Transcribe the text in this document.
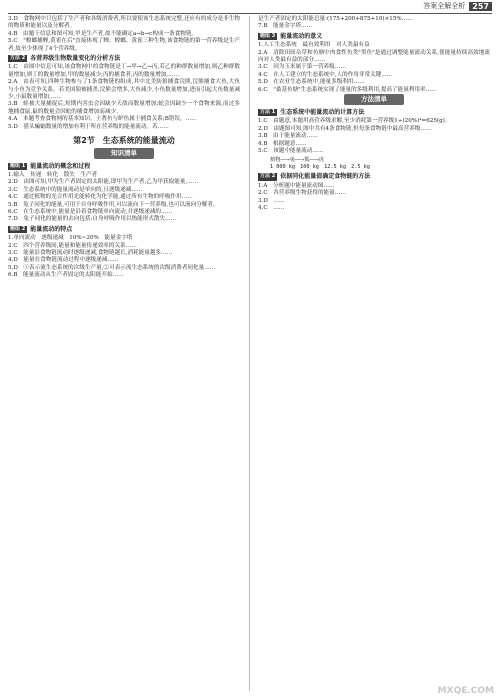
答案全解全析 257

3.D　食物网中只包括了生产者和各级消费者,所以要使该生态系统完整,还应有的成分是非生物的物质和能量以及分解者。

4.B　由题干信息和图可知,甲是生产者,故不能确定a→b→c构成一条食物链。

5.C　"螳螂捕蝉,黄雀在后"直接体现了蝉、螳螂、黄雀三种生物,该食物链的第一营养级是生产者,故至少体现了4个营养级。

方法 2 各营养级生物数量变化的分析方法

1.C　由图中信息可知,该食物网中的食物链是丁→甲→乙→丙,若乙的种群数量增加,则乙种群数量增加,则丁的数量增加,甲的数量减少;丙的捕食者,丙的数量增加,……

2.A　由表可知,四种生物参与了1条食物链的组成,其中北美防狼捕食浣熊,浣熊捕食大鱼,大鱼与小鱼为竞争关系。若美国狼被捕杀,浣熊会增多,大鱼减少,小鱼数量增加,进而引起大鱼数量减少,小鼠数量增加,……

3.B　蛙被大量捕捉后,短期内害虫会因缺少天敌而数量增加;蛇会因缺少一个食物来源,而过多地捕食鼠,鼠的数量会因蛇的捕食增加而减少。

4.A　本题考查食物网的基本知识。土著鱼与鲈鱼属于捕食关系;B错误。……

5.D　猎头蝙蝠数量的增加有利于所在营养级的能量流动。若……

第2节　生态系统的能量流动
知识清单
题组 1 能量流动的概念和过程

1.输入　传递　转化　散失　生产者

2.D　由图可知,甲为生产者固定的太阳能,即甲为生产者,乙为甲获取能量,……

3.C　生态系统中的能量流动是单向的,且逐级递减……

4.C　通过植物的光合作用光能转化为化学能,通过所有生物的呼吸作用……

5.B　兔子同化的能量,可用于自身呼吸作用,可以流向下一营养级,也可以流向分解者。

6.C　在生态系统中,能量是沿着食物链单向流动,并逐级递减的……

7.D　兔子同化的能量的去向包括:自身呼吸作用以热能形式散失……

题组 2 能量流动的特点

1.单向流动　逐级递减　10%~20%　能量金字塔

2.C　四个营养级间,能量和能量传递效率的关系……

3.C　能量沿食物链流动时逐级递减,食物链越长,消耗能量越多……

4.D　能量在食物链流动过程中逐级递减……

5.D　①表示流生态系统的次级生产量,②可表示流生态系统的次级消费者同化量……

6.B　能量流动从生产者固定的太阳能开始……

是生产者固定的太阳能总量:(175+200+875+10)×15%……

7.B　能量金字塔……

题组 3 能量流动的意义

1.人工生态系统　最有效利用　对人类最有益

2.A　清除田间杂草和鱼塘中肉食性鱼类"黑鱼"是通过调整能量流动关系,使能量持续高效地流向对人类最有益的部分……

3.C　因为玉米属于第一营养级……

4.C　在人工建立的生态系统中,人的作用非常关键……

5.D　在农业生态系统中,能量多级利用……

6.C　"桑基鱼塘"生态系统实现了能量的多级利用,提高了能量利用率……

方法清单
方法 1 生态系统中能量流动的计算方法

1.C　由题意,本题用高营养级求解,至少消耗第一营养级1÷(20%)⁴=625(g)。

2.D　由题图可知,图中共有4条食物链,但每条食物链中最高营养级……

3.B　由于能量流动……

4.B　根据题意……

5.C　该题中能量流动……

植物——→兔——→狐——→虎
1 000 kg　100 kg　12.5 kg　2.5 kg
方法 2 依据同化能量值确定食物链的方法

1.A　分析题中能量流动图……

2.C　各营养级生物获得的能量……

3.D　……

4.C　……

MXQE.COM
